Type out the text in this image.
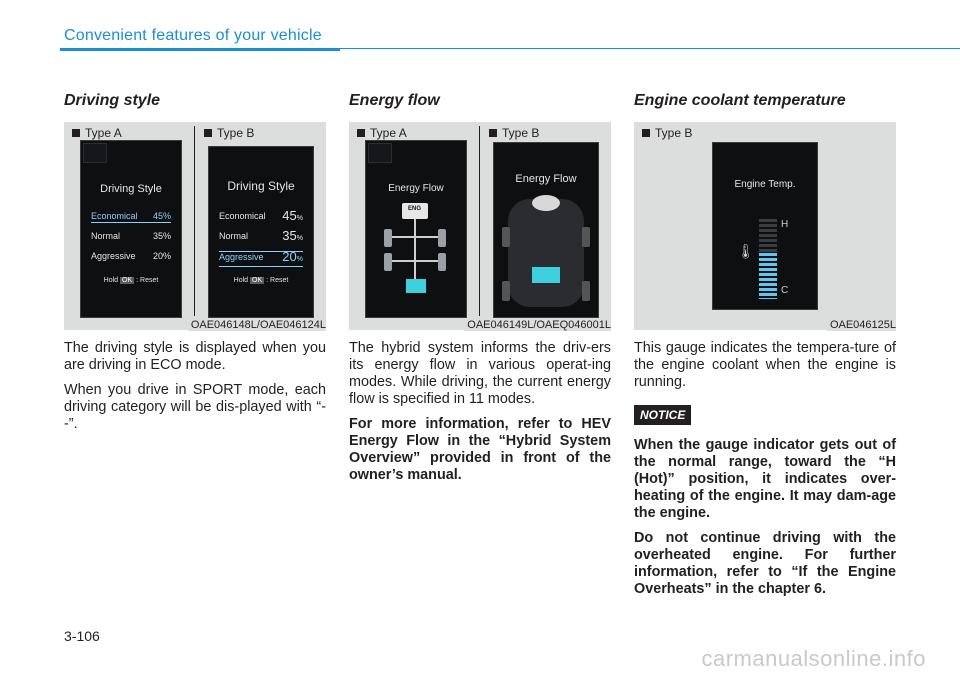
Convenient features of your vehicle
Driving style
Type A	Type B
Driving Style
Economical 45%
Normal	35%
Aggressive 20%
Hold OK : Reset
Driving Style
Economical 45%
Normal	35%
Aggressive 20%
Hold OK : Reset
OAE046148L/OAE046124L

The driving style is displayed when you are driving in ECO mode.

When you drive in SPORT mode, each driving category will be dis-played with “--”.

Energy flow
Type A	Type B
Energy Flow
ENG
Energy Flow
OAE046149L/OAEQ046001L

The hybrid system informs the driv-ers its energy flow in various operat-ing modes. While driving, the current energy flow is specified in 11 modes.

For more information, refer to HEV Energy Flow in the “Hybrid System Overview” provided in front of the owner’s manual.

Engine coolant temperature
Type B
Engine Temp.
🌡
H
C
OAE046125L

This gauge indicates the tempera-ture of the engine coolant when the engine is running.

NOTICE

When the gauge indicator gets out of the normal range, toward the “H (Hot)” position, it indicates over-heating of the engine. It may dam-age the engine.

Do not continue driving with the overheated engine. For further information, refer to “If the Engine Overheats” in the chapter 6.

3-106
carmanualsonline.info
